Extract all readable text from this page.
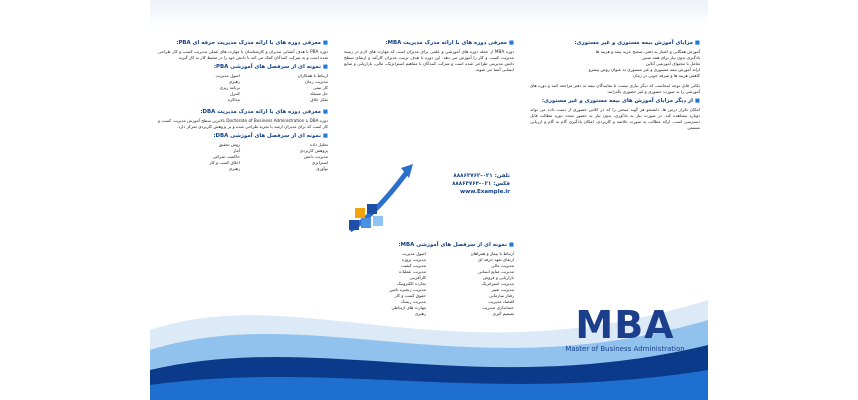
■ معرفی دوره های با ارائه مدرک مدیریت حرفه ای PBA:

دوره PBA با هدف آشنایی مدیران و کارشناسان با مهارت های عملی مدیریت کسب و کار طراحی شده است و به شرکت کنندگان کمک می کند تا دانش خود را در محیط کار به کار گیرند.

■ نمونه ای از سرفصل های آموزشی PBA:
ارتباط با همکاران
مدیریت زمان
کار تیمی
حل مسئله
تفکر خلاق
اصول مدیریت
رهبری
برنامه ریزی
کنترل
مذاکره
■ معرفی دوره های با ارائه مدرک مدیریت DBA:

دوره DBA یا Doctorate of Business Administration بالاترین سطح آموزش مدیریت کسب و کار است که برای مدیران ارشد با تجربه طراحی شده و بر پژوهش کاربردی تمرکز دارد.

■ نمونه ای از سرفصل های آموزشی DBA:
تحلیل داده
پژوهش کاربردی
مدیریت دانش
استراتژی
نوآوری
روش تحقیق
آمار
حاکمیت شرکتی
اخلاق کسب و کار
رهبری
■ معرفی دوره های با ارائه مدرک مدیریت MBA:

دوره MBA از جمله دوره های آموزشی و علمی برای مدیران است که مهارت های لازم در زمینه مدیریت کسب و کار را آموزش می دهد. این دوره با هدف تربیت مدیران کارآمد و ارتقای سطح دانش مدیریتی طراحی شده است و شرکت کنندگان با مفاهیم استراتژیک، مالی، بازاریابی و منابع انسانی آشنا می شوند.

تلفن: ۰۲۱-۸۸۸۶۳۷۶۲
فکس: ۰۲۱-۸۸۸۶۳۷۶۴
www.Example.ir
■ نمونه ای از سرفصل های آموزشی MBA:
ارتباط با بیمار و همراهان
ارتقای تعهد حرفه ای
مدیریت مالی
مدیریت منابع انسانی
بازاریابی و فروش
مدیریت استراتژیک
مدیریت تغییر
رفتار سازمانی
اقتصاد مدیریت
حسابداری مدیریت
تصمیم گیری
اصول مدیریت
مدیریت پروژه
مدیریت کیفیت
مدیریت عملیات
کارآفرینی
تجارت الکترونیک
مدیریت زنجیره تامین
حقوق کسب و کار
مدیریت ریسک
مهارت های ارتباطی
رهبری
■ مزایای آموزش بیمه مستوری و غیر مستوری:
آموزش همگانی و اعتبار به دفتر، صحیح خرید بیمه و هزینه ها
یادگیری بدون نیاز برای همه سنین
تعامل با محتوای آموزشی آنلاین
ارائه آموزش بیمه مستوری و غیر مستوری به عنوان روش پیشرو
کاهش هزینه ها و صرفه جویی در زمان

نکاتی قابل توجه اینجاست که دیگر نیازی نیست تا نمایندگان بیمه به دفتر مراجعه کنند و دوره های آموزشی را به صورت حضوری و غیر حضوری بگذرانند.

■ از دیگر مزایای آموزش های بیمه مستوری و غیر مستوری:

امکان تکرار درس ها، دانشجو هر گونه مبحثی را که در کلاس حضوری از دست داده می تواند دوباره مشاهده کند. در صورت نیاز به یادآوری، بدون نیاز به حضور مجدد دوره مطالب قابل دسترسی است. ارائه مطالب به صورت خلاصه و کاربردی، امکان یادگیری گام به گام و ارزیابی مستمر.

MBA
Master of Business Administration
